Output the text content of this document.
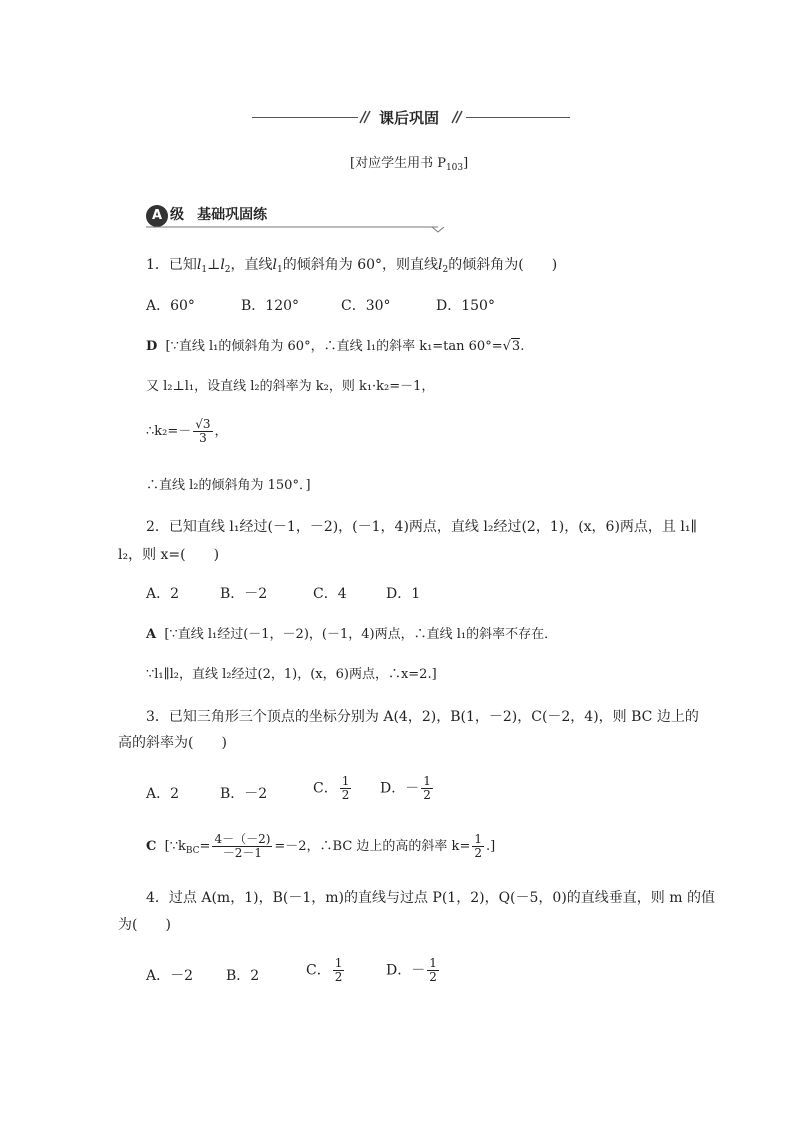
课后巩固
[对应学生用书 $P_{103}$]
A 级 基础巩固练
1．已知$l_1\perp l_2$，直线$l_1$的倾斜角为 60°，则直线$l_2$的倾斜角为(　　)
A．60°	B．120°	C．30°	D．150°
D [∵直线 l₁的倾斜角为 60°，∴直线 l₁的斜率 k₁=tan 60°=√3.
又 l₂⊥l₁，设直线 l₂的斜率为 k₂，则 k₁·k₂=－1，
∴k₂=－ $\frac{√3}{3}$ ，
∴直线 l₂的倾斜角为 150°．]
2．已知直线 l₁经过(－1，－2)，(－1，4)两点，直线 l₂经过(2，1)，(x，6)两点，且 l₁∥
l₂，则 x=(　　)
A．2	B．－2	C．4	D．1
A [∵直线 l₁经过(－1，－2)，(－1，4)两点，∴直线 l₁的斜率不存在．
∵l₁∥l₂，直线 l₂经过(2，1)，(x，6)两点，∴x=2.]
3．已知三角形三个顶点的坐标分别为 A(4，2)，B(1，－2)，C(－2，4)，则 BC 边上的
高的斜率为(　　)
A．2	B．－2	C． $\frac{1}{2}$ D．－ $\frac{1}{2}$
C [$\because k_{BC}= \frac{4-(-2)}{-2-1} =-2$，∴BC 边上的高的斜率 $k= \frac{1}{2}$ .]
4．过点 A(m，1)，B(－1，m)的直线与过点 P(1，2)，Q(－5，0)的直线垂直，则 m 的值
为(　　)
A．－2 B．2	C． $\frac{1}{2}$	D．－ $\frac{1}{2}$
